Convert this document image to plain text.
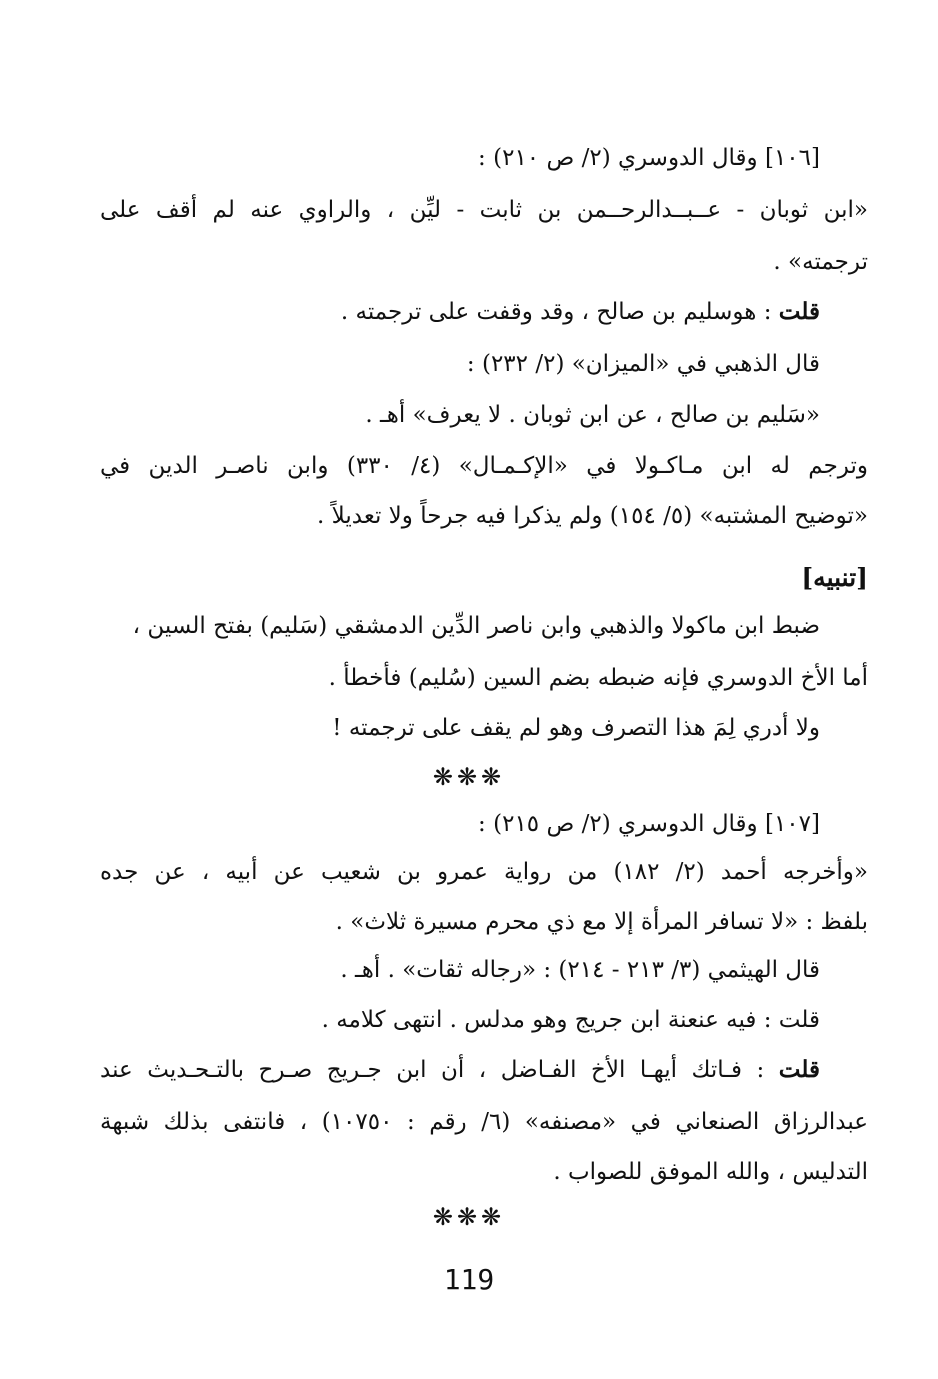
[١٠٦] وقال الدوسري (٢/ ص ٢١٠) :
«ابن ثوبان - عــبــدالرحــمن بن ثابت - ليِّن ، والراوي عنه لم أقف على
ترجمته» .
قلت : هوسليم بن صالح ، وقد وقفت على ترجمته .
قال الذهبي في «الميزان» (٢/ ٢٣٢) :
«سَليم بن صالح ، عن ابن ثوبان . لا يعرف» أهـ .
وترجم له ابن مـاكـولا في «الإكـمـال» (٤/ ٣٣٠) وابن ناصـر الدين في
«توضيح المشتبه» (٥/ ١٥٤) ولم يذكرا فيه جرحاً ولا تعديلاً .
[تنبيه]
ضبط ابن ماكولا والذهبي وابن ناصر الدِّين الدمشقي (سَليم) بفتح السين ،
أما الأخ الدوسري فإنه ضبطه بضم السين (سُليم) فأخطأ .
ولا أدري لِمَ هذا التصرف وهو لم يقف على ترجمته !
❋❋❋
[١٠٧] وقال الدوسري (٢/ ص ٢١٥) :
«وأخرجه أحمد (٢/ ١٨٢) من رواية عمرو بن شعيب عن أبيه ، عن جده
بلفظ : «لا تسافر المرأة إلا مع ذي محرم مسيرة ثلاث» .
قال الهيثمي (٣/ ٢١٣ - ٢١٤) : «رجاله ثقات» . أهـ .
قلت : فيه عنعنة ابن جريج وهو مدلس . انتهى كلامه .
قلت : فـاتك أيهـا الأخ الفـاضل ، أن ابن جـريج صـرح بالتـحـديث عند
عبدالرزاق الصنعاني في «مصنفه» (٦/ رقم : ١٠٧٥٠) ، فانتفى بذلك شبهة
التدليس ، والله الموفق للصواب .
❋❋❋
119
